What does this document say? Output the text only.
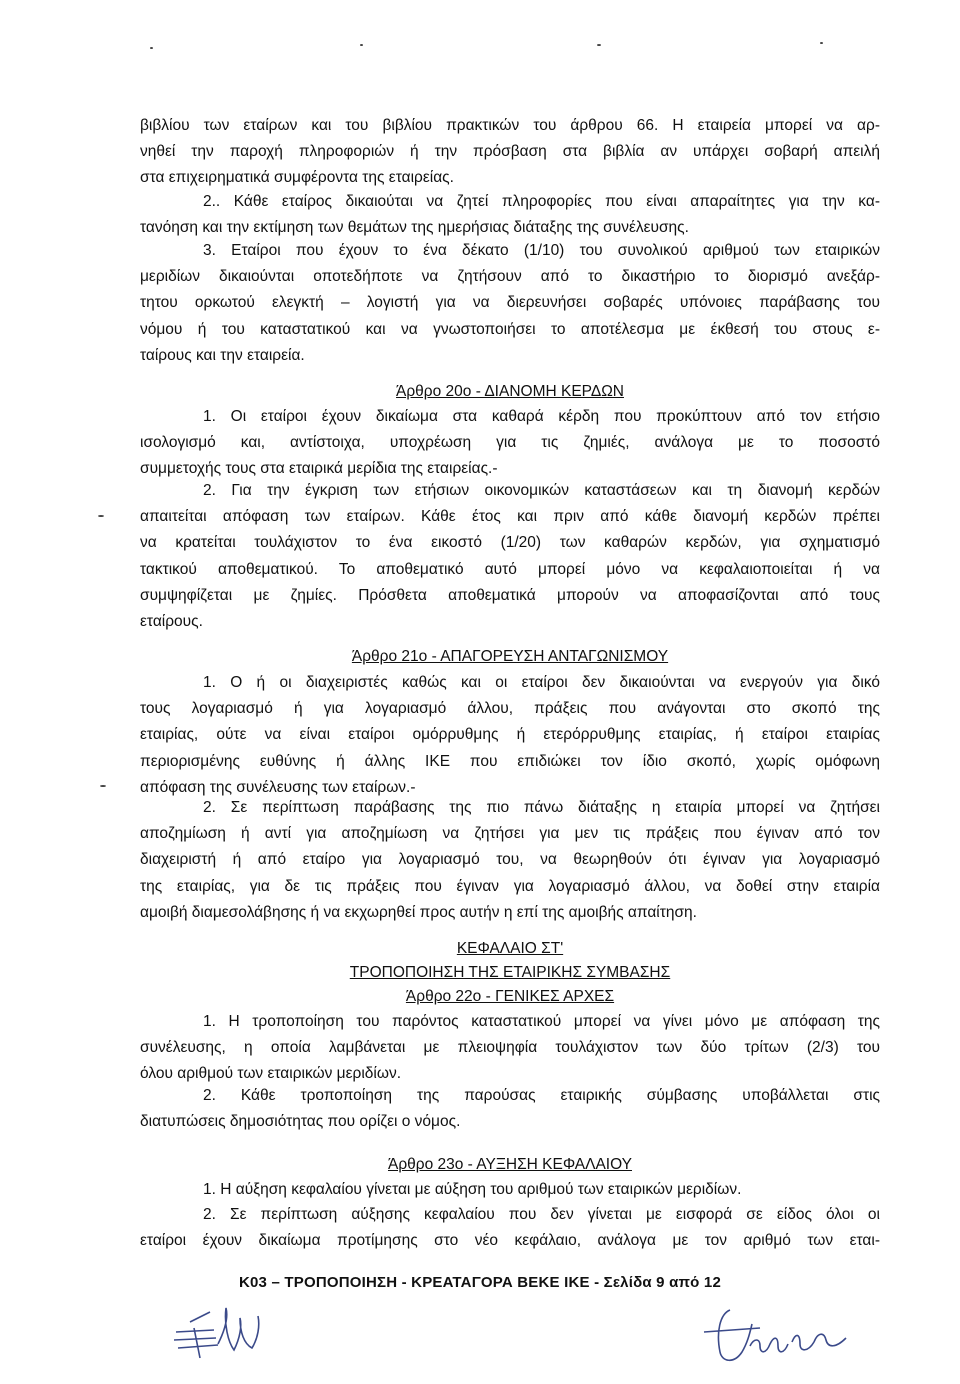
βιβλίου των εταίρων και του βιβλίου πρακτικών του άρθρου 66. Η εταιρεία μπορεί να αρ-

νηθεί την παροχή πληροφοριών ή την πρόσβαση στα βιβλία αν υπάρχει σοβαρή απειλή

στα επιχειρηματικά συμφέροντα της εταιρείας.

2.. Κάθε εταίρος δικαιούται να ζητεί πληροφορίες που είναι απαραίτητες για την κα-

τανόηση και την εκτίμηση των θεμάτων της ημερήσιας διάταξης της συνέλευσης.

3. Εταίροι που έχουν το ένα δέκατο (1/10) του συνολικού αριθμού των εταιρικών

μεριδίων δικαιούνται οποτεδήποτε να ζητήσουν από το δικαστήριο το διορισμό ανεξάρ-

τητου ορκωτού ελεγκτή – λογιστή για να διερευνήσει σοβαρές υπόνοιες παράβασης του

νόμου ή του καταστατικού και να γνωστοποιήσει το αποτέλεσμα με έκθεσή του στους ε-

ταίρους και την εταιρεία.

Άρθρο 20ο - ΔΙΑΝΟΜΗ ΚΕΡΔΩΝ

1. Οι εταίροι έχουν δικαίωμα στα καθαρά κέρδη που προκύπτουν από τον ετήσιο

ισολογισμό και, αντίστοιχα, υποχρέωση για τις ζημιές, ανάλογα με το ποσοστό

συμμετοχής τους στα εταιρικά μερίδια της εταιρείας.-

2. Για την έγκριση των ετήσιων οικονομικών καταστάσεων και τη διανομή κερδών

απαιτείται απόφαση των εταίρων. Κάθε έτος και πριν από κάθε διανομή κερδών πρέπει

να κρατείται τουλάχιστον το ένα εικοστό (1/20) των καθαρών κερδών, για σχηματισμό

τακτικού αποθεματικού. Το αποθεματικό αυτό μπορεί μόνο να κεφαλαιοποιείται ή να

συμψηφίζεται με ζημίες. Πρόσθετα αποθεματικά μπορούν να αποφασίζονται από τους

εταίρους.

Άρθρο 21ο - ΑΠΑΓΟΡΕΥΣΗ ΑΝΤΑΓΩΝΙΣΜΟΥ

1. Ο ή οι διαχειριστές καθώς και οι εταίροι δεν δικαιούνται να ενεργούν για δικό

τους λογαριασμό ή για λογαριασμό άλλου, πράξεις που ανάγονται στο σκοπό της

εταιρίας, ούτε να είναι εταίροι ομόρρυθμης ή ετερόρρυθμης εταιρίας, ή εταίροι εταιρίας

περιορισμένης ευθύνης ή άλλης ΙΚΕ που επιδιώκει τον ίδιο σκοπό, χωρίς ομόφωνη

απόφαση της συνέλευσης των εταίρων.-

2. Σε περίπτωση παράβασης της πιο πάνω διάταξης η εταιρία μπορεί να ζητήσει

αποζημίωση ή αντί για αποζημίωση να ζητήσει για μεν τις πράξεις που έγιναν από τον

διαχειριστή ή από εταίρο για λογαριασμό του, να θεωρηθούν ότι έγιναν για λογαριασμό

της εταιρίας, για δε τις πράξεις που έγιναν για λογαριασμό άλλου, να δοθεί στην εταιρία

αμοιβή διαμεσολάβησης ή να εκχωρηθεί προς αυτήν η επί της αμοιβής απαίτηση.

ΚΕΦΑΛΑΙΟ ΣΤ'
ΤΡΟΠΟΠΟΙΗΣΗ ΤΗΣ ΕΤΑΙΡΙΚΗΣ ΣΥΜΒΑΣΗΣ
Άρθρο 22ο - ΓΕΝΙΚΕΣ ΑΡΧΕΣ

1. Η τροποποίηση του παρόντος καταστατικού μπορεί να γίνει μόνο με απόφαση της

συνέλευσης, η οποία λαμβάνεται με πλειοψηφία τουλάχιστον των δύο τρίτων (2/3) του

όλου αριθμού των εταιρικών μεριδίων.

2. Κάθε τροποποίηση της παρούσας εταιρικής σύμβασης υποβάλλεται στις

διατυπώσεις δημοσιότητας που ορίζει ο νόμος.

Άρθρο 23ο - ΑΥΞΗΣΗ ΚΕΦΑΛΑΙΟΥ

1. Η αύξηση κεφαλαίου γίνεται με αύξηση του αριθμού των εταιρικών μεριδίων.

2. Σε περίπτωση αύξησης κεφαλαίου που δεν γίνεται με εισφορά σε είδος όλοι οι

εταίροι έχουν δικαίωμα προτίμησης στο νέο κεφάλαιο, ανάλογα με τον αριθμό των εται-

Κ03 – ΤΡΟΠΟΠΟΙΗΣΗ - ΚΡΕΑΤΑΓΟΡΑ ΒΕΚΕ ΙΚΕ - Σελίδα 9 από 12
